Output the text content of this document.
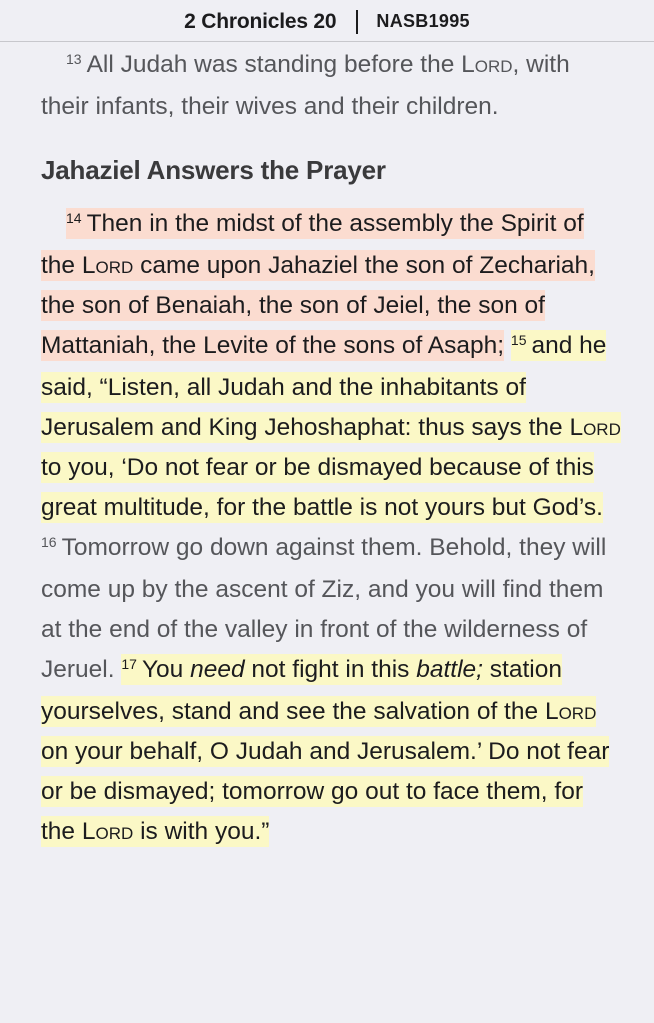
2 Chronicles 20 NASB1995

$^{13}$ All Judah was standing before the Lord, with their infants, their wives and their children.

Jahaziel Answers the Prayer

$^{14}$ Then in the midst of the assembly the Spirit of the Lord came upon Jahaziel the son of Zechariah, the son of Benaiah, the son of Jeiel, the son of Mattaniah, the Levite of the sons of Asaph; $^{15}$ and he said, “Listen, all Judah and the inhabitants of Jerusalem and King Jehoshaphat: thus says the Lord to you, ‘Do not fear or be dismayed because of this great multitude, for the battle is not yours but God’s. $^{16}$ Tomorrow go down against them. Behold, they will come up by the ascent of Ziz, and you will find them at the end of the valley in front of the wilderness of Jeruel. $^{17}$ You need not fight in this battle; station yourselves, stand and see the salvation of the Lord on your behalf, O Judah and Jerusalem.’ Do not fear or be dismayed; tomorrow go out to face them, for the Lord is with you.”
